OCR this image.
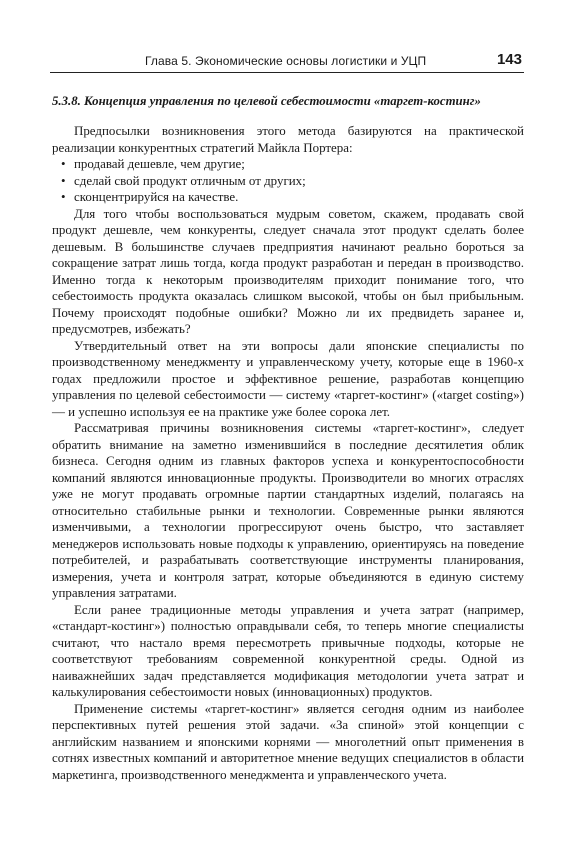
Глава 5. Экономические основы логистики и УЦП	143
5.3.8. Концепция управления по целевой себестоимости «таргет-костинг»

Предпосылки возникновения этого метода базируются на практической реализации конкурентных стратегий Майкла Портера:

• продавай дешевле, чем другие;
• сделай свой продукт отличным от других;
• сконцентрируйся на качестве.

Для того чтобы воспользоваться мудрым советом, скажем, продавать свой продукт дешевле, чем конкуренты, следует сначала этот продукт сделать более дешевым. В большинстве случаев предприятия начинают реально бороться за сокращение затрат лишь тогда, когда продукт разработан и передан в производство. Именно тогда к некоторым производителям приходит понимание того, что себестоимость продукта оказалась слишком высокой, чтобы он был прибыльным. Почему происходят подобные ошибки? Можно ли их предвидеть заранее и, предусмотрев, избежать?

Утвердительный ответ на эти вопросы дали японские специалисты по производственному менеджменту и управленческому учету, которые еще в 1960-х годах предложили простое и эффективное решение, разработав концепцию управления по целевой себестоимости — систему «таргет-костинг» («target costing») — и успешно используя ее на практике уже более сорока лет.

Рассматривая причины возникновения системы «таргет-костинг», следует обратить внимание на заметно изменившийся в последние десятилетия облик бизнеса. Сегодня одним из главных факторов успеха и конкурентоспособности компаний являются инновационные продукты. Производители во многих отраслях уже не могут продавать огромные партии стандартных изделий, полагаясь на относительно стабильные рынки и технологии. Современные рынки являются изменчивыми, а технологии прогрессируют очень быстро, что заставляет менеджеров использовать новые подходы к управлению, ориентируясь на поведение потребителей, и разрабатывать соответствующие инструменты планирования, измерения, учета и контроля затрат, которые объединяются в единую систему управления затратами.

Если ранее традиционные методы управления и учета затрат (например, «стандарт-костинг») полностью оправдывали себя, то теперь многие специалисты считают, что настало время пересмотреть привычные подходы, которые не соответствуют требованиям современной конкурентной среды. Одной из наиважнейших задач представляется модификация методологии учета затрат и калькулирования себестоимости новых (инновационных) продуктов.

Применение системы «таргет-костинг» является сегодня одним из наиболее перспективных путей решения этой задачи. «За спиной» этой концепции с английским названием и японскими корнями — многолетний опыт применения в сотнях известных компаний и авторитетное мнение ведущих специалистов в области маркетинга, производственного менеджмента и управленческого учета.
